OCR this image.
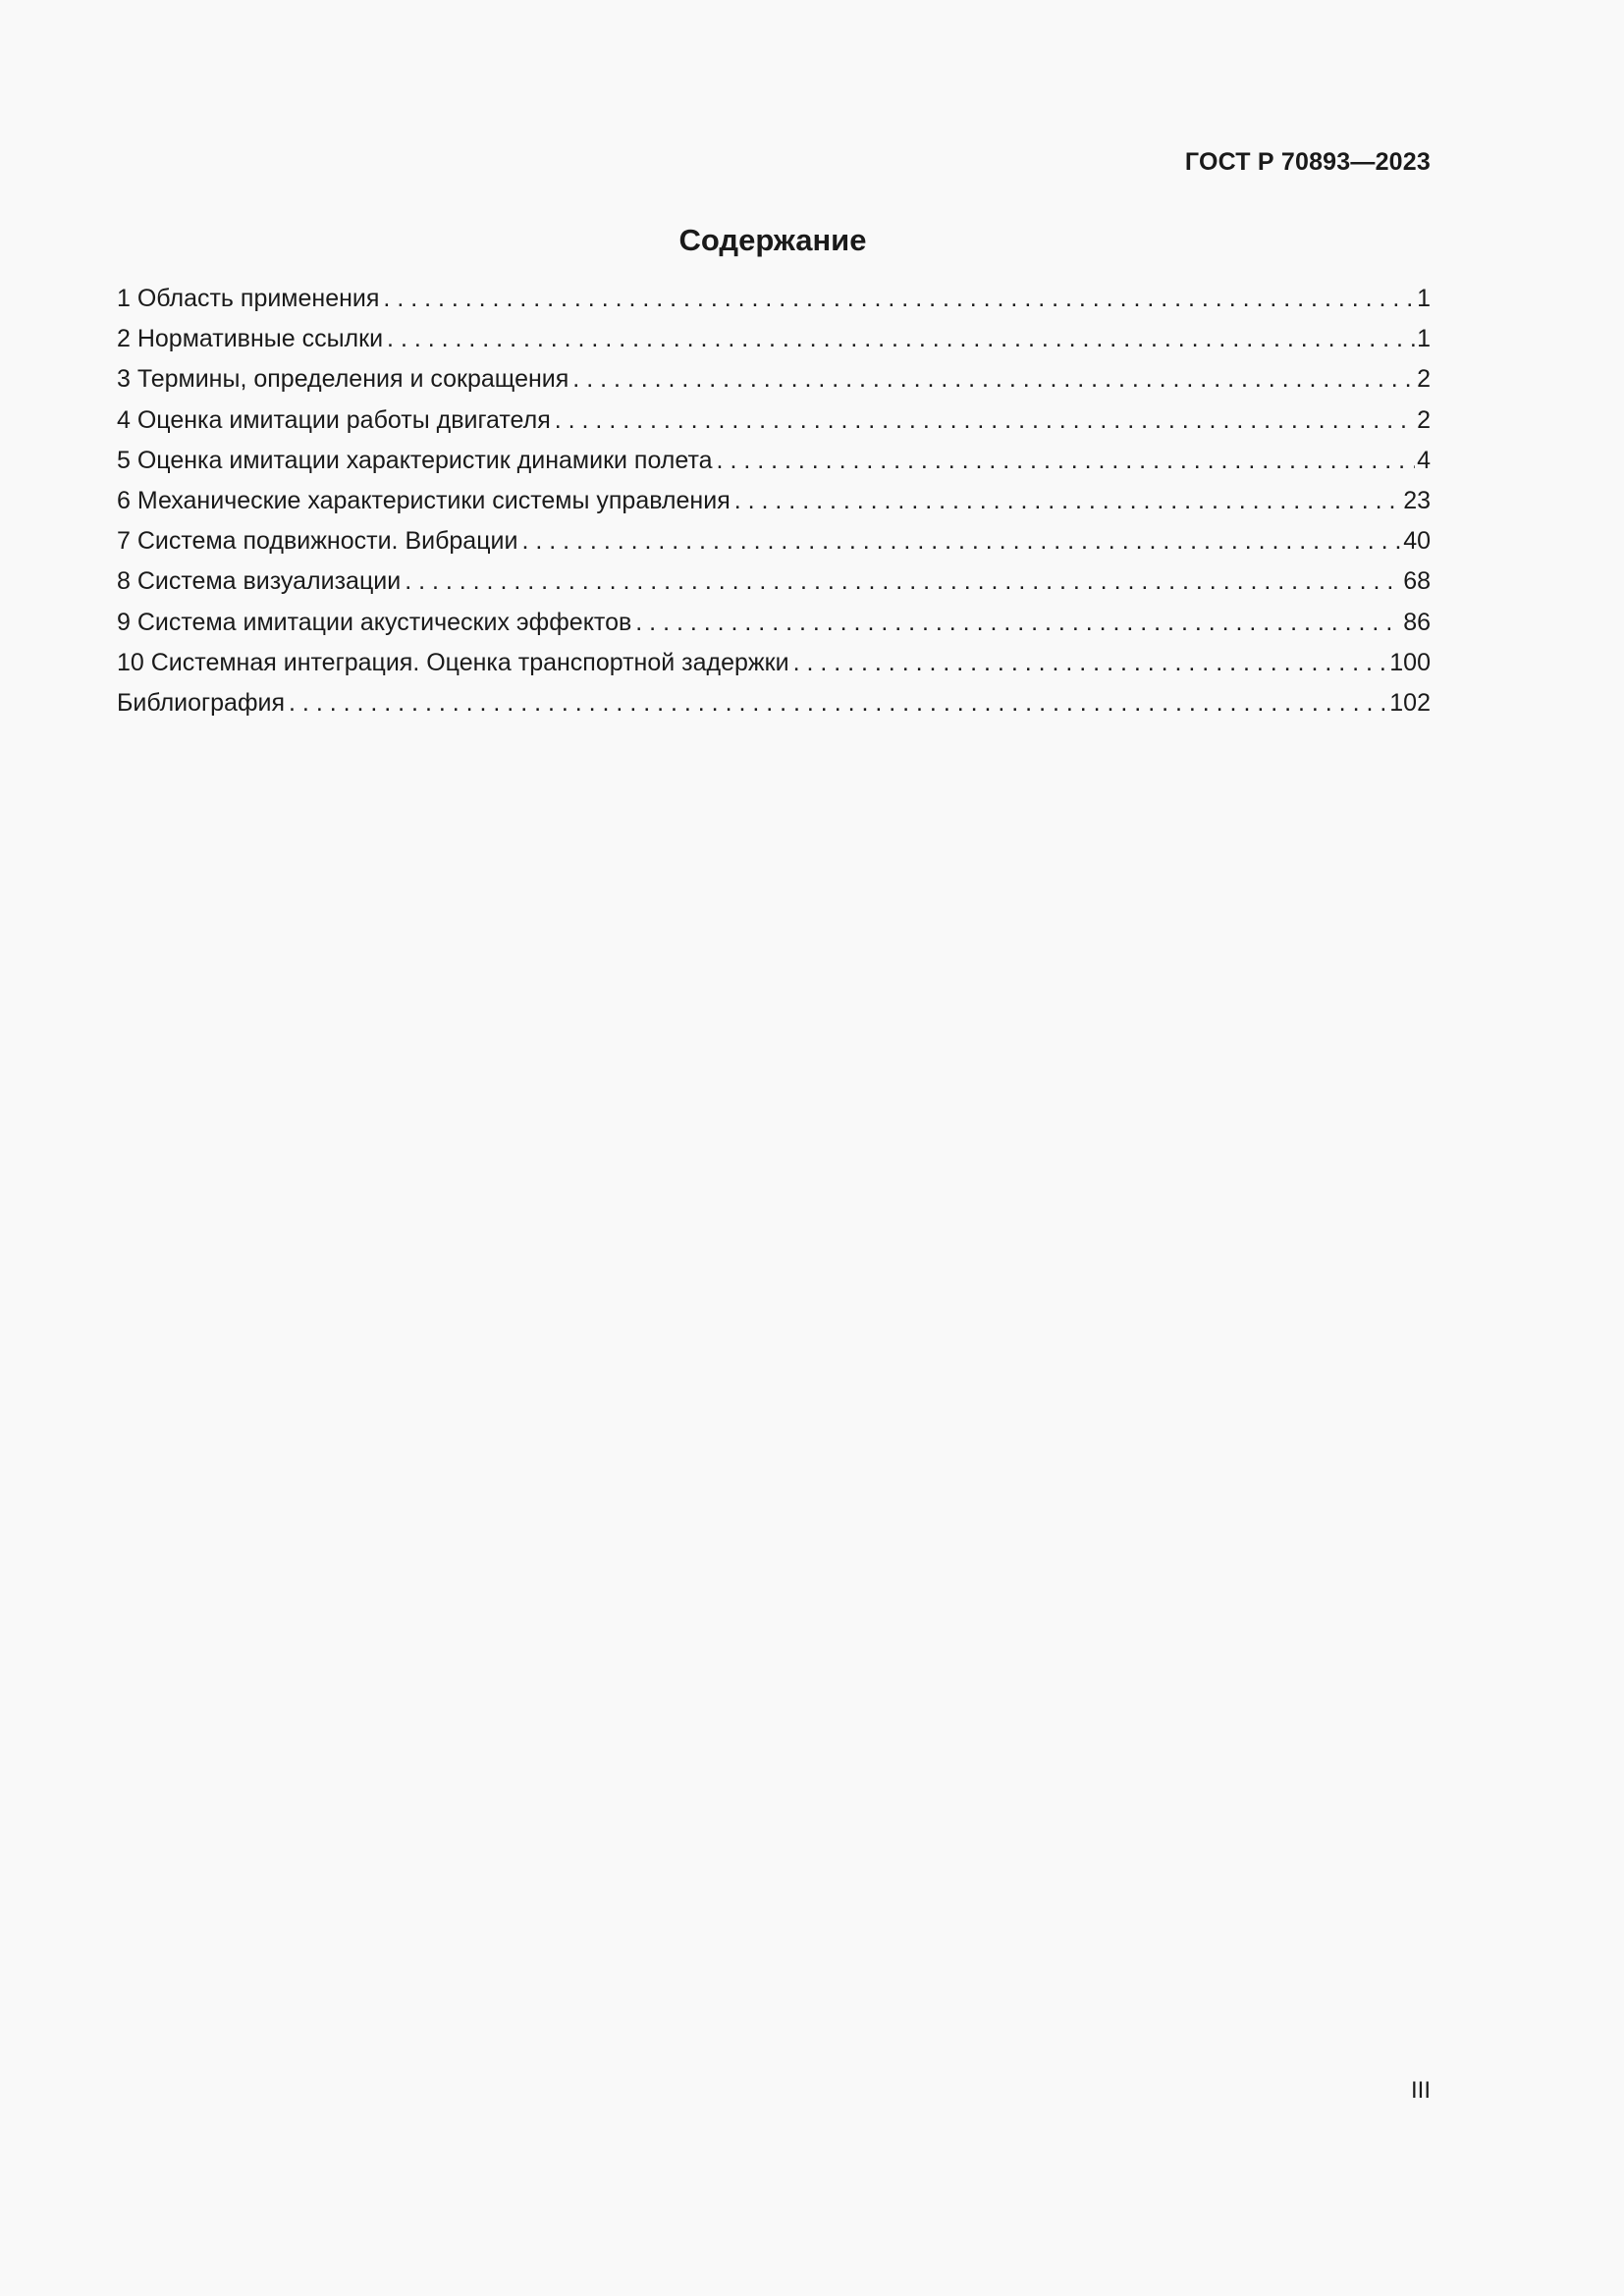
ГОСТ Р 70893—2023
Содержание
1 Область применения . . .	1
2 Нормативные ссылки . . .	1
3 Термины, определения и сокращения . . .	2
4 Оценка имитации работы двигателя . . .	2
5 Оценка имитации характеристик динамики полета . . .	4
6 Механические характеристики системы управления . . .	23
7 Система подвижности. Вибрации . . .	40
8 Система визуализации . . .	68
9 Система имитации акустических эффектов . . .	86
10 Системная интеграция. Оценка транспортной задержки . . .	100
Библиография . . .	102
III
